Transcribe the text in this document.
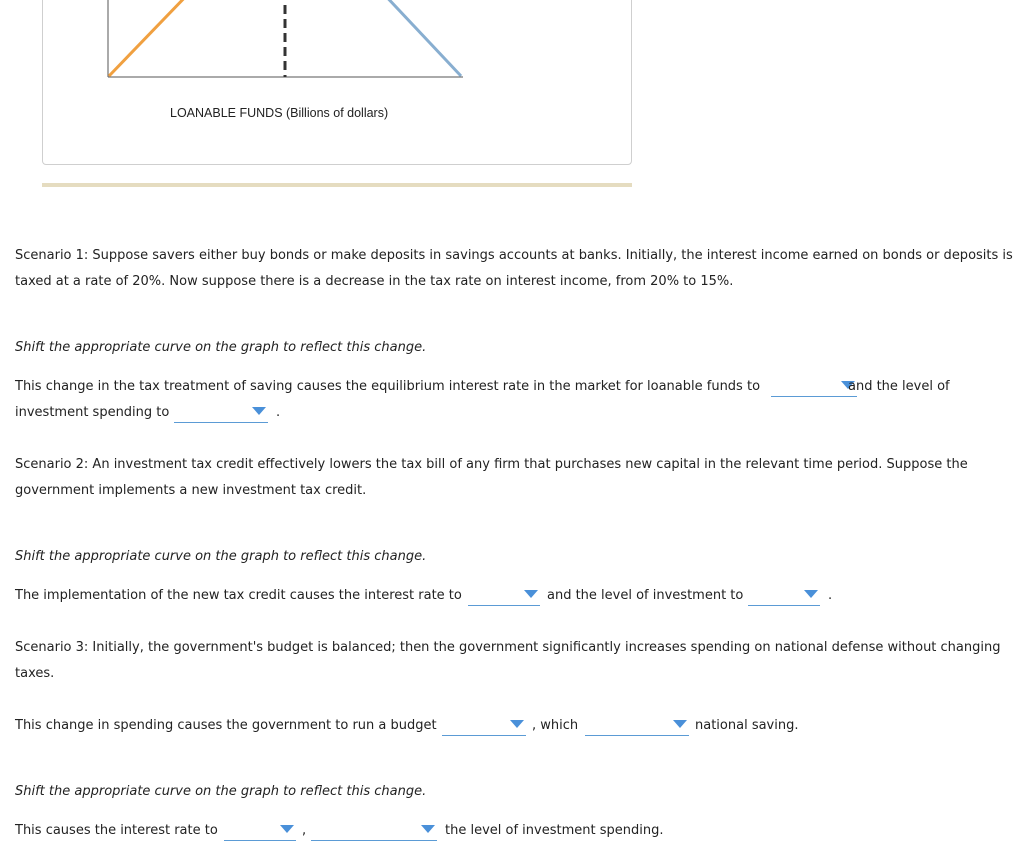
LOANABLE FUNDS (Billions of dollars)

Scenario 1: Suppose savers either buy bonds or make deposits in savings accounts at banks. Initially, the interest income earned on bonds or deposits is taxed at a rate of 20%. Now suppose there is a decrease in the tax rate on interest income, from 20% to 15%.

Shift the appropriate curve on the graph to reflect this change.

This change in the tax treatment of saving causes the equilibrium interest rate in the market for loanable funds to	and the level of
investment spending to	.

Scenario 2: An investment tax credit effectively lowers the tax bill of any firm that purchases new capital in the relevant time period. Suppose the government implements a new investment tax credit.

Shift the appropriate curve on the graph to reflect this change.

The implementation of the new tax credit causes the interest rate to	and the level of investment to	.

Scenario 3: Initially, the government's budget is balanced; then the government significantly increases spending on national defense without changing taxes.

This change in spending causes the government to run a budget	, which	national saving.

Shift the appropriate curve on the graph to reflect this change.

This causes the interest rate to	,	the level of investment spending.
